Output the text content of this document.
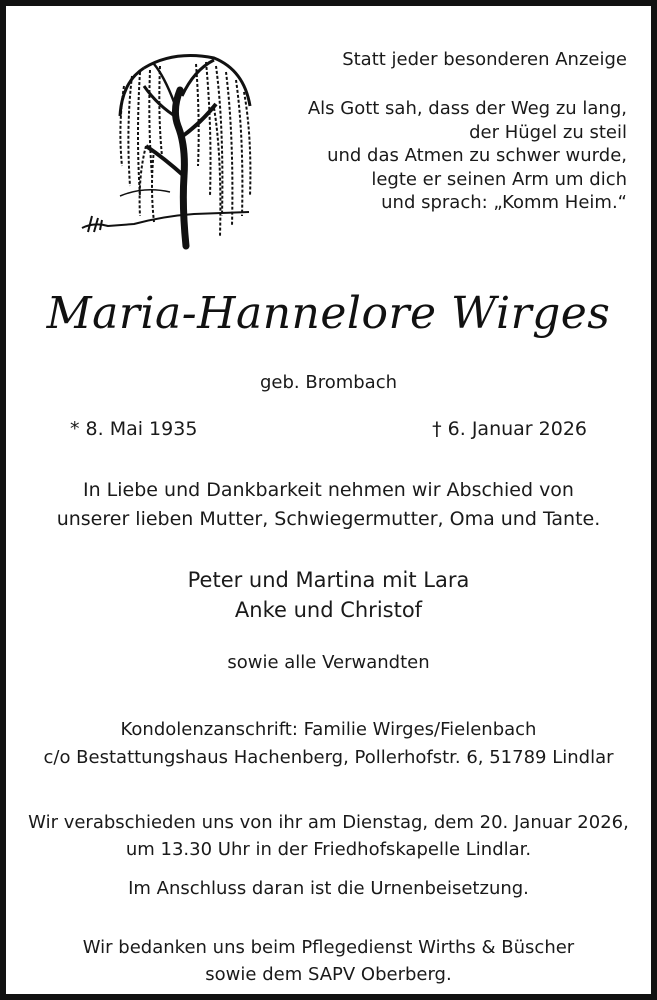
Statt jeder besonderen Anzeige
Als Gott sah, dass der Weg zu lang,
der Hügel zu steil
und das Atmen zu schwer wurde,
legte er seinen Arm um dich
und sprach: „Komm Heim.“
Maria-Hannelore Wirges
geb. Brombach
* 8. Mai 1935	† 6. Januar 2026
In Liebe und Dankbarkeit nehmen wir Abschied von
unserer lieben Mutter, Schwiegermutter, Oma und Tante.
Peter und Martina mit Lara
Anke und Christof
sowie alle Verwandten
Kondolenzanschrift: Familie Wirges/Fielenbach
c/o Bestattungshaus Hachenberg, Pollerhofstr. 6, 51789 Lindlar
Wir verabschieden uns von ihr am Dienstag, dem 20. Januar 2026,
um 13.30 Uhr in der Friedhofskapelle Lindlar.
Im Anschluss daran ist die Urnenbeisetzung.
Wir bedanken uns beim Pflegedienst Wirths & Büscher
sowie dem SAPV Oberberg.
